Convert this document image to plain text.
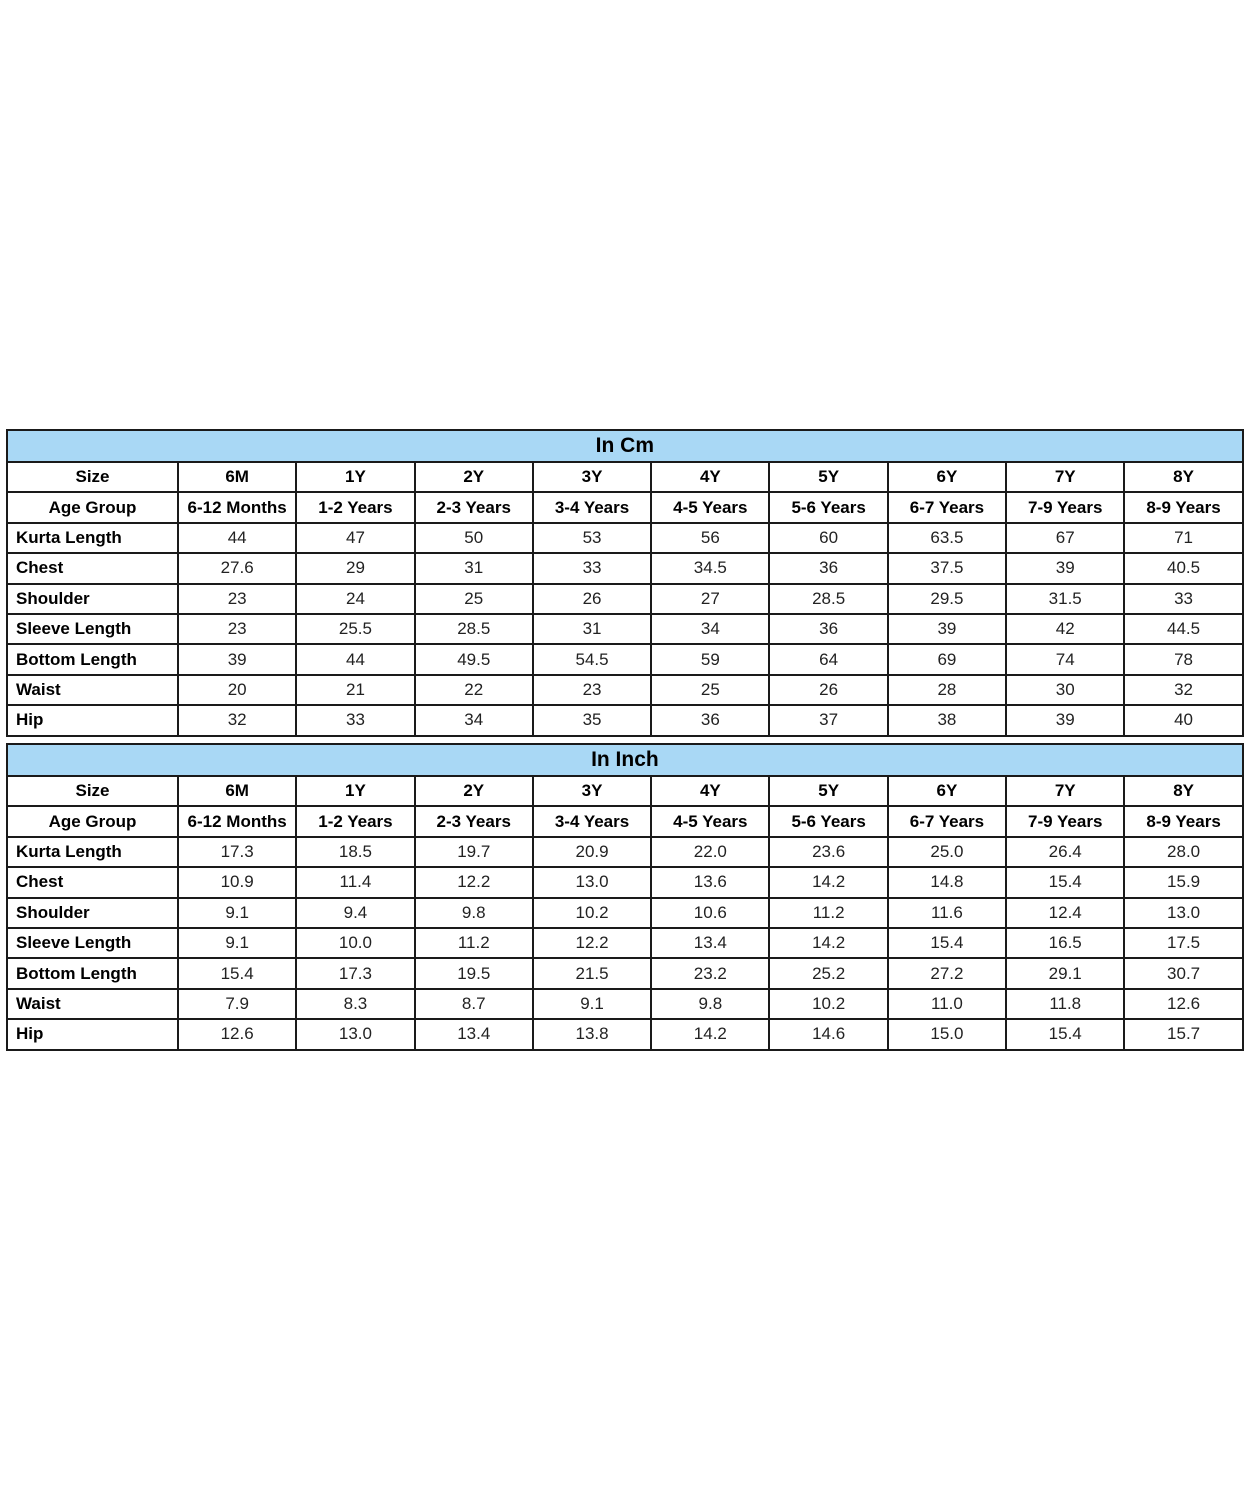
In Cm									
Size	6M	1Y	2Y	3Y	4Y	5Y	6Y	7Y	8Y
Age Group	6-12 Months	1-2 Years	2-3 Years	3-4 Years	4-5 Years	5-6 Years	6-7 Years	7-9 Years	8-9 Years
Kurta Length	44	47	50	53	56	60	63.5	67	71
Chest	27.6	29	31	33	34.5	36	37.5	39	40.5
Shoulder	23	24	25	26	27	28.5	29.5	31.5	33
Sleeve Length	23	25.5	28.5	31	34	36	39	42	44.5
Bottom Length	39	44	49.5	54.5	59	64	69	74	78
Waist	20	21	22	23	25	26	28	30	32
Hip	32	33	34	35	36	37	38	39	40
In Inch									
Size	6M	1Y	2Y	3Y	4Y	5Y	6Y	7Y	8Y
Age Group	6-12 Months	1-2 Years	2-3 Years	3-4 Years	4-5 Years	5-6 Years	6-7 Years	7-9 Years	8-9 Years
Kurta Length	17.3	18.5	19.7	20.9	22.0	23.6	25.0	26.4	28.0
Chest	10.9	11.4	12.2	13.0	13.6	14.2	14.8	15.4	15.9
Shoulder	9.1	9.4	9.8	10.2	10.6	11.2	11.6	12.4	13.0
Sleeve Length	9.1	10.0	11.2	12.2	13.4	14.2	15.4	16.5	17.5
Bottom Length	15.4	17.3	19.5	21.5	23.2	25.2	27.2	29.1	30.7
Waist	7.9	8.3	8.7	9.1	9.8	10.2	11.0	11.8	12.6
Hip	12.6	13.0	13.4	13.8	14.2	14.6	15.0	15.4	15.7
